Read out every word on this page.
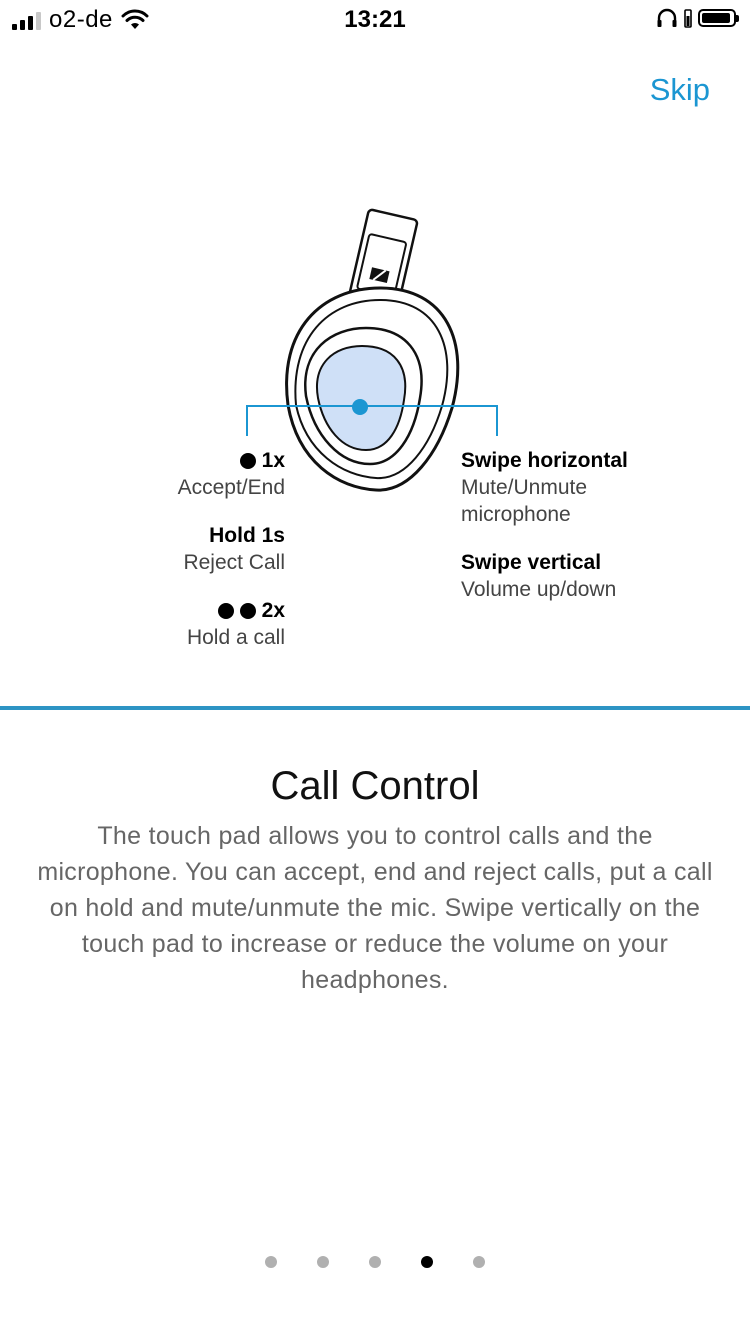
o2-de	13:21
Skip
1x
Accept/End
Hold 1s
Reject Call
2x
Hold a call
Swipe horizontal
Mute/Unmute
microphone
Swipe vertical
Volume up/down
Call Control
The touch pad allows you to control calls and the microphone. You can accept, end and reject calls, put a call on hold and mute/unmute the mic. Swipe vertically on the touch pad to increase or reduce the volume on your headphones.
